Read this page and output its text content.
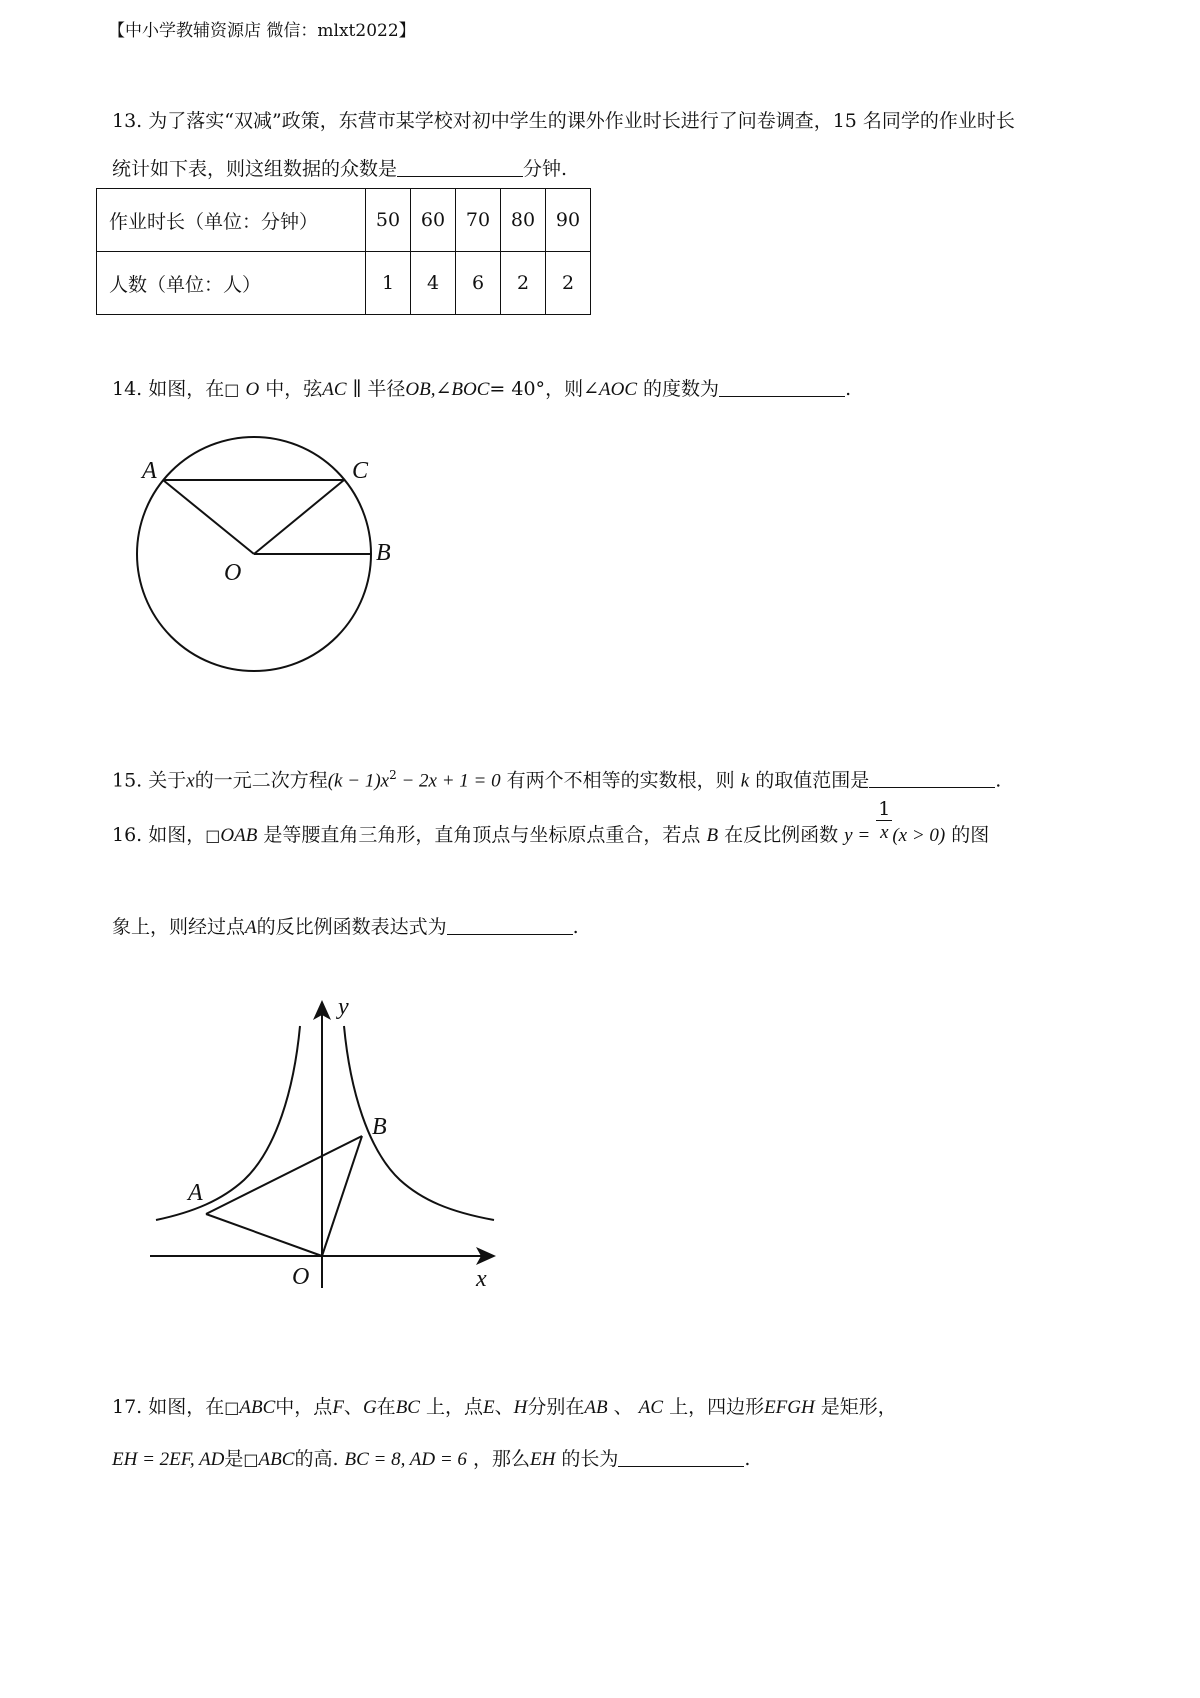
【中小学教辅资源店 微信：mlxt2022】
13. 为了落实“双减”政策，东营市某学校对初中学生的课外作业时长进行了问卷调查，15 名同学的作业时长
统计如下表，则这组数据的众数是	分钟.
作业时长（单位：分钟）	50	60	70	80	90
人数（单位：人）	1	4	6	2	2
14. 如图，在□ O 中，弦AC ∥ 半径OB,∠BOC= 40°，则∠AOC 的度数为	.
A	C
O
B
15. 关于x的一元二次方程$(k - 1)x^2 - 2x + 1 = 0$ 有两个不相等的实数根，则 k 的取值范围是	.
16. 如图，□OAB 是等腰直角三角形，直角顶点与坐标原点重合，若点 B 在反比例函数 $y = \frac{1}{x}(x > 0)$ 的图
象上，则经过点A的反比例函数表达式为	.
y
x
O
A
B
17. 如图，在□ABC中，点F、G在BC 上，点E、H分别在AB 、 AC 上，四边形EFGH 是矩形，
EH = 2EF, AD是□ABC的高. BC = 8, AD = 6 ，那么EH 的长为	.
